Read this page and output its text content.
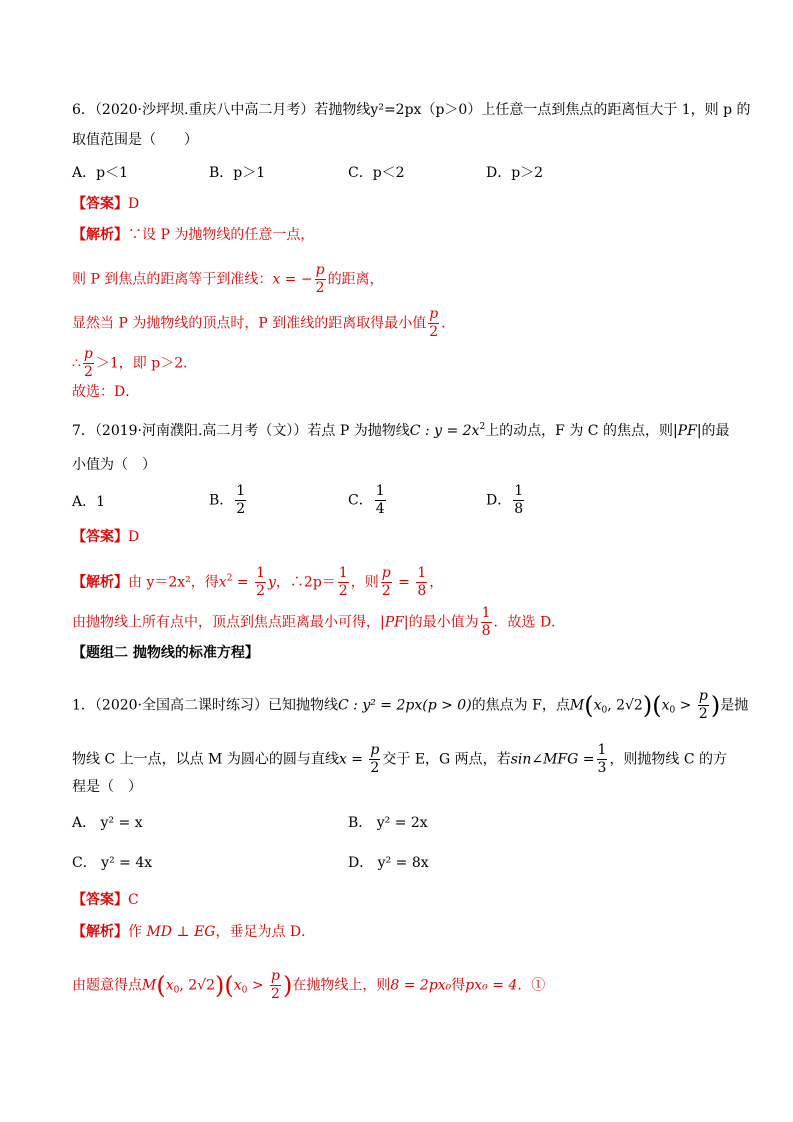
6．（2020·沙坪坝.重庆八中高二月考）若抛物线y²=2px（p＞0）上任意一点到焦点的距离恒大于 1，则 p 的
取值范围是（　　）
A．p＜1	B．p＞1	C．p＜2	D．p＞2
【答案】D
【解析】∵设 P 为抛物线的任意一点，
则 P 到焦点的距离等于到准线：x = − $\frac{p}{2}$ 的距离，
显然当 P 为抛物线的顶点时，P 到准线的距离取得最小值 $\frac{p}{2}$ .
∴ $\frac{p}{2} >1$，即 p＞2．
故选：D．
7．（2019·河南濮阳.高二月考（文））若点 P 为抛物线C : $y = 2x^2$上的动点，F 为 C 的焦点，则|PF|的最
小值为（　）
A．1	B． $\frac{1}{2}$	C． $\frac{1}{4}$	D． $\frac{1}{8}$
【答案】D
【解析】由 y＝2x²，得$x^2 = \frac{1}{2}$ y，∴2p＝ $\frac{1}{2}$ ，则 $\frac{p}{2} = \frac{1}{8}$ ，
由抛物线上所有点中，顶点到焦点距离最小可得，|PF|的最小值为 $\frac{1}{8}$ ．故选 D．
【题组二 抛物线的标准方程】
1．（2020·全国高二课时练习）已知抛物线C : y² = 2px(p > 0)的焦点为 F，点$M(x_0$, $2√2)(x_0 > \frac{p}{2}$ )是抛
物线 C 上一点，以点 M 为圆心的圆与直线$x = \frac{p}{2}$ 交于 E，G 两点，若sin∠MFG = $\frac{1}{3}$ ，则抛物线 C 的方
程是（　）
A． y² = x	B． y² = 2x
C． y² = 4x	D． y² = 8x
【答案】C
【解析】作 MD ⊥ EG，垂足为点 D．
由题意得点$M(x_0$, $2√2)(x_0 > \frac{p}{2}$ )在抛物线上，则8 = 2px₀得px₀ = 4．①
